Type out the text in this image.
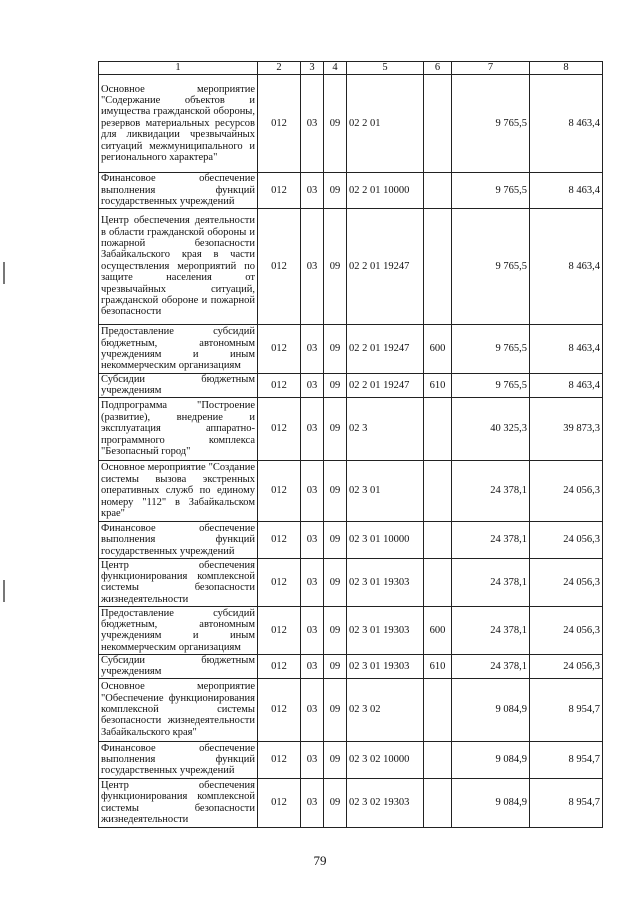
1	2	3	4	5	6	7	8
Основное мероприятие "Содержание объектов и имущества гражданской обороны, резервов материальных ресурсов для ликвидации чрезвычайных ситуаций межмуниципального и регионального характера"	012	03	09	02 2 01		9 765,5	8 463,4
Финансовое обеспечение выполнения функций государственных учреждений	012	03	09	02 2 01 10000		9 765,5	8 463,4
Центр обеспечения деятельности в области гражданской обороны и пожарной безопасности Забайкальского края в части осуществления мероприятий по защите населения от чрезвычайных ситуаций, гражданской обороне и пожарной безопасности	012	03	09	02 2 01 19247		9 765,5	8 463,4
Предоставление субсидий бюджетным, автономным учреждениям и иным некоммерческим организациям	012	03	09	02 2 01 19247	600	9 765,5	8 463,4
Субсидии бюджетным учреждениям	012	03	09	02 2 01 19247	610	9 765,5	8 463,4
Подпрограмма "Построение (развитие), внедрение и эксплуатация аппаратно-программного комплекса "Безопасный город"	012	03	09	02 3		40 325,3	39 873,3
Основное мероприятие "Создание системы вызова экстренных оперативных служб по единому номеру "112" в Забайкальском крае"	012	03	09	02 3 01		24 378,1	24 056,3
Финансовое обеспечение выполнения функций государственных учреждений	012	03	09	02 3 01 10000		24 378,1	24 056,3
Центр обеспечения функционирования комплексной системы безопасности жизнедеятельности	012	03	09	02 3 01 19303		24 378,1	24 056,3
Предоставление субсидий бюджетным, автономным учреждениям и иным некоммерческим организациям	012	03	09	02 3 01 19303	600	24 378,1	24 056,3
Субсидии бюджетным учреждениям	012	03	09	02 3 01 19303	610	24 378,1	24 056,3
Основное мероприятие "Обеспечение функционирования комплексной системы безопасности жизнедеятельности Забайкальского края"	012	03	09	02 3 02		9 084,9	8 954,7
Финансовое обеспечение выполнения функций государственных учреждений	012	03	09	02 3 02 10000		9 084,9	8 954,7
Центр обеспечения функционирования комплексной системы безопасности жизнедеятельности	012	03	09	02 3 02 19303		9 084,9	8 954,7
79
